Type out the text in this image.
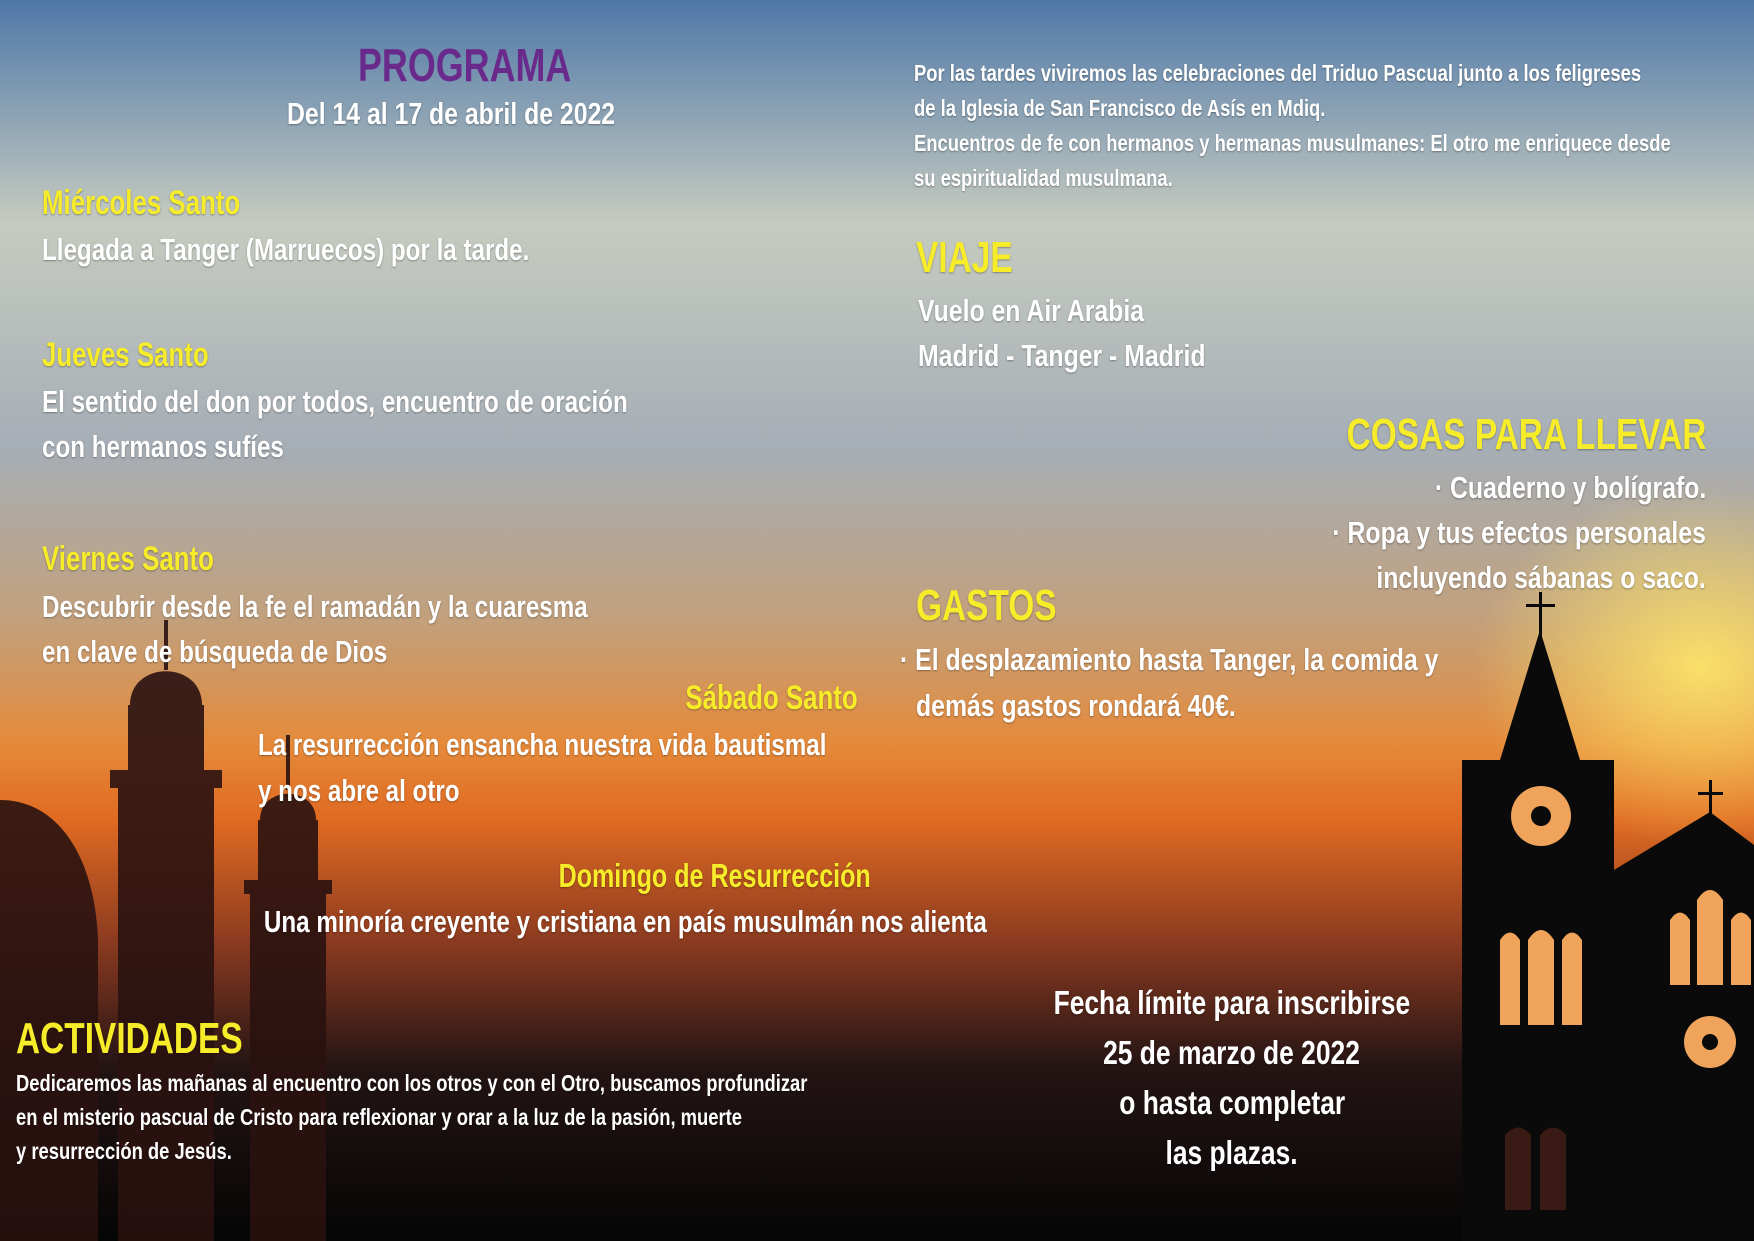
PROGRAMA
Del 14 al 17 de abril de 2022
Miércoles Santo
Llegada a Tanger (Marruecos) por la tarde.
Jueves Santo
El sentido del don por todos, encuentro de oración
con hermanos sufíes
Viernes Santo
Descubrir desde la fe el ramadán y la cuaresma
en clave de búsqueda de Dios
Sábado Santo
La resurrección ensancha nuestra vida bautismal
y nos abre al otro
Domingo de Resurrección
Una minoría creyente y cristiana en país musulmán nos alienta
ACTIVIDADES
Dedicaremos las mañanas al encuentro con los otros y con el Otro, buscamos profundizar
en el misterio pascual de Cristo para reflexionar y orar a la luz de la pasión, muerte
y resurrección de Jesús.
Por las tardes viviremos las celebraciones del Triduo Pascual junto a los feligreses
de la Iglesia de San Francisco de Asís en Mdiq.
Encuentros de fe con hermanos y hermanas musulmanes: El otro me enriquece desde
su espiritualidad musulmana.
VIAJE
Vuelo en Air Arabia
Madrid - Tanger - Madrid
COSAS PARA LLEVAR
· Cuaderno y bolígrafo.
· Ropa y tus efectos personales
incluyendo sábanas o saco.
GASTOS
· El desplazamiento hasta Tanger, la comida y
demás gastos rondará 40€.
Fecha límite para inscribirse
25 de marzo de 2022
o hasta completar
las plazas.
